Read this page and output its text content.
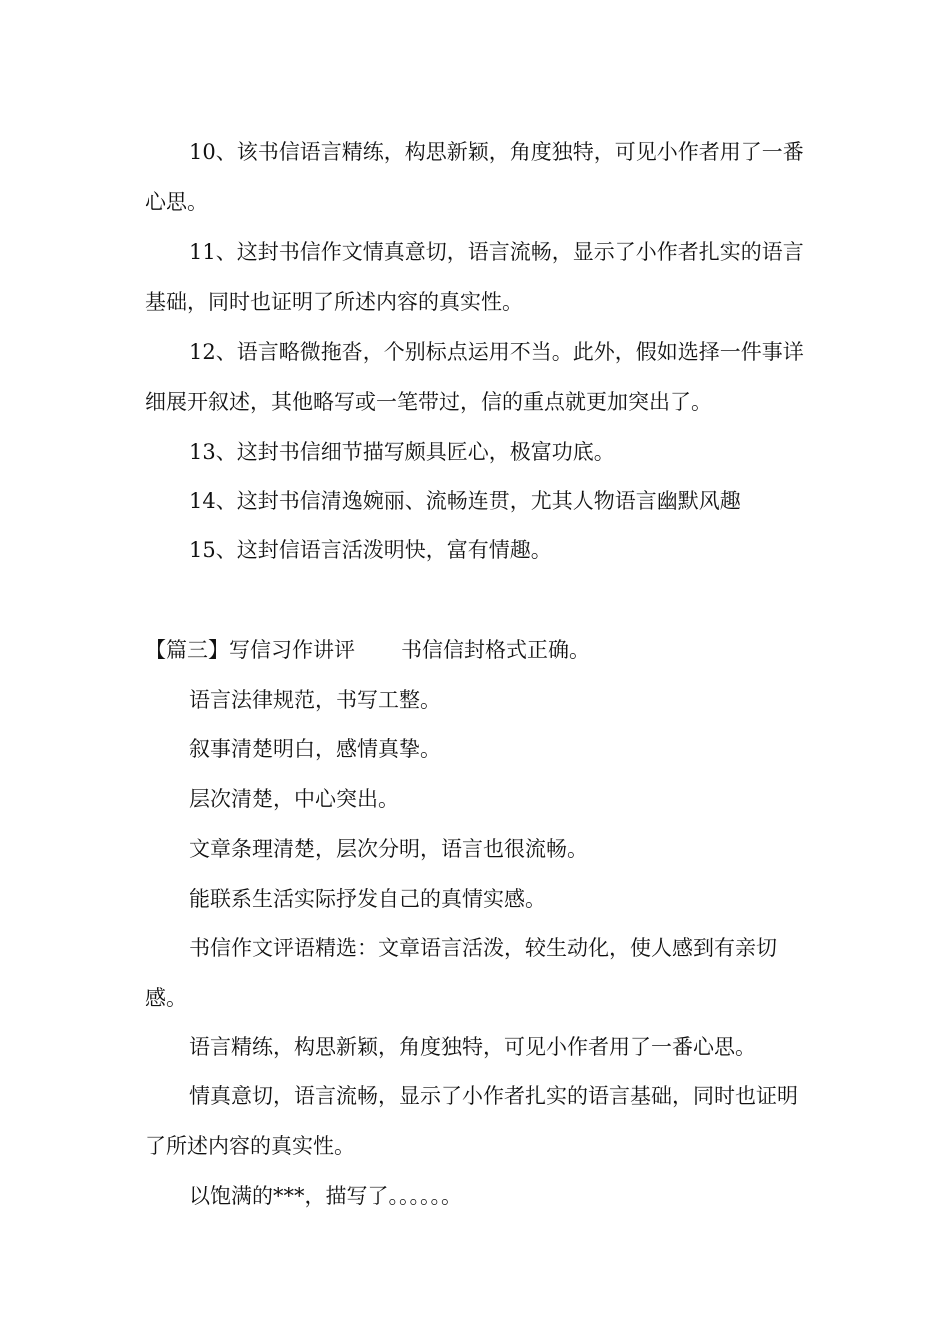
10、该书信语言精练，构思新颖，角度独特，可见小作者用了一番心思。

11、这封书信作文情真意切，语言流畅，显示了小作者扎实的语言基础，同时也证明了所述内容的真实性。

12、语言略微拖沓，个别标点运用不当。此外，假如选择一件事详细展开叙述，其他略写或一笔带过，信的重点就更加突出了。

13、这封书信细节描写颇具匠心，极富功底。

14、这封书信清逸婉丽、流畅连贯，尤其人物语言幽默风趣

15、这封信语言活泼明快，富有情趣。

【篇三】写信习作讲评 书信信封格式正确。

语言法律规范，书写工整。

叙事清楚明白，感情真挚。

层次清楚，中心突出。

文章条理清楚，层次分明，语言也很流畅。

能联系生活实际抒发自己的真情实感。

书信作文评语精选：文章语言活泼，较生动化，使人感到有亲切感。

语言精练，构思新颖，角度独特，可见小作者用了一番心思。

情真意切，语言流畅，显示了小作者扎实的语言基础，同时也证明了所述内容的真实性。

以饱满的***，描写了。。。。。。
